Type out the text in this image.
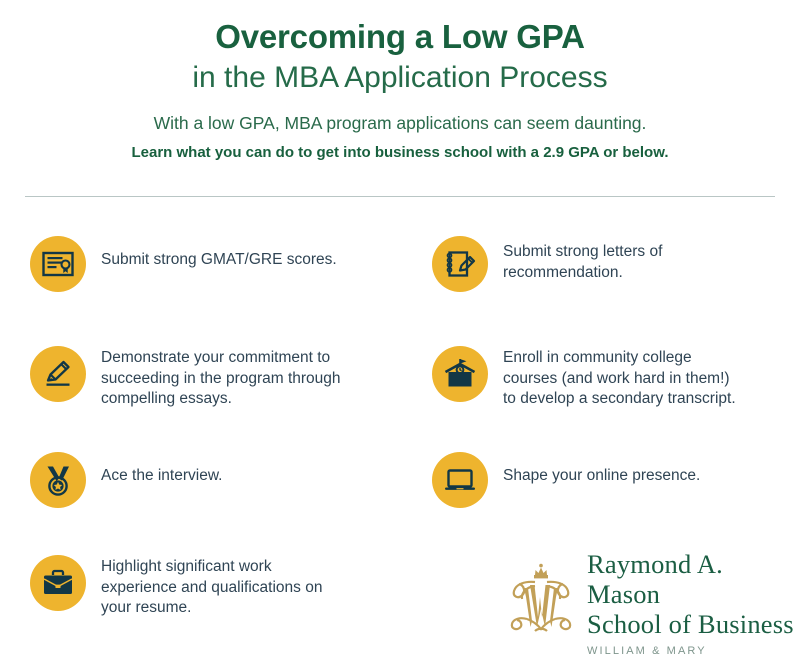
Overcoming a Low GPA
in the MBA Application Process
With a low GPA, MBA program applications can seem daunting.
Learn what you can do to get into business school with a 2.9 GPA or below.
Submit strong GMAT/GRE scores.
Demonstrate your commitment to
succeeding in the program through
compelling essays.
Ace the interview.
Highlight significant work
experience and qualifications on
your resume.
Submit strong letters of
recommendation.
Enroll in community college
courses (and work hard in them!)
to develop a secondary transcript.
Shape your online presence.
Raymond A. Mason
School of Business
WILLIAM & MARY
